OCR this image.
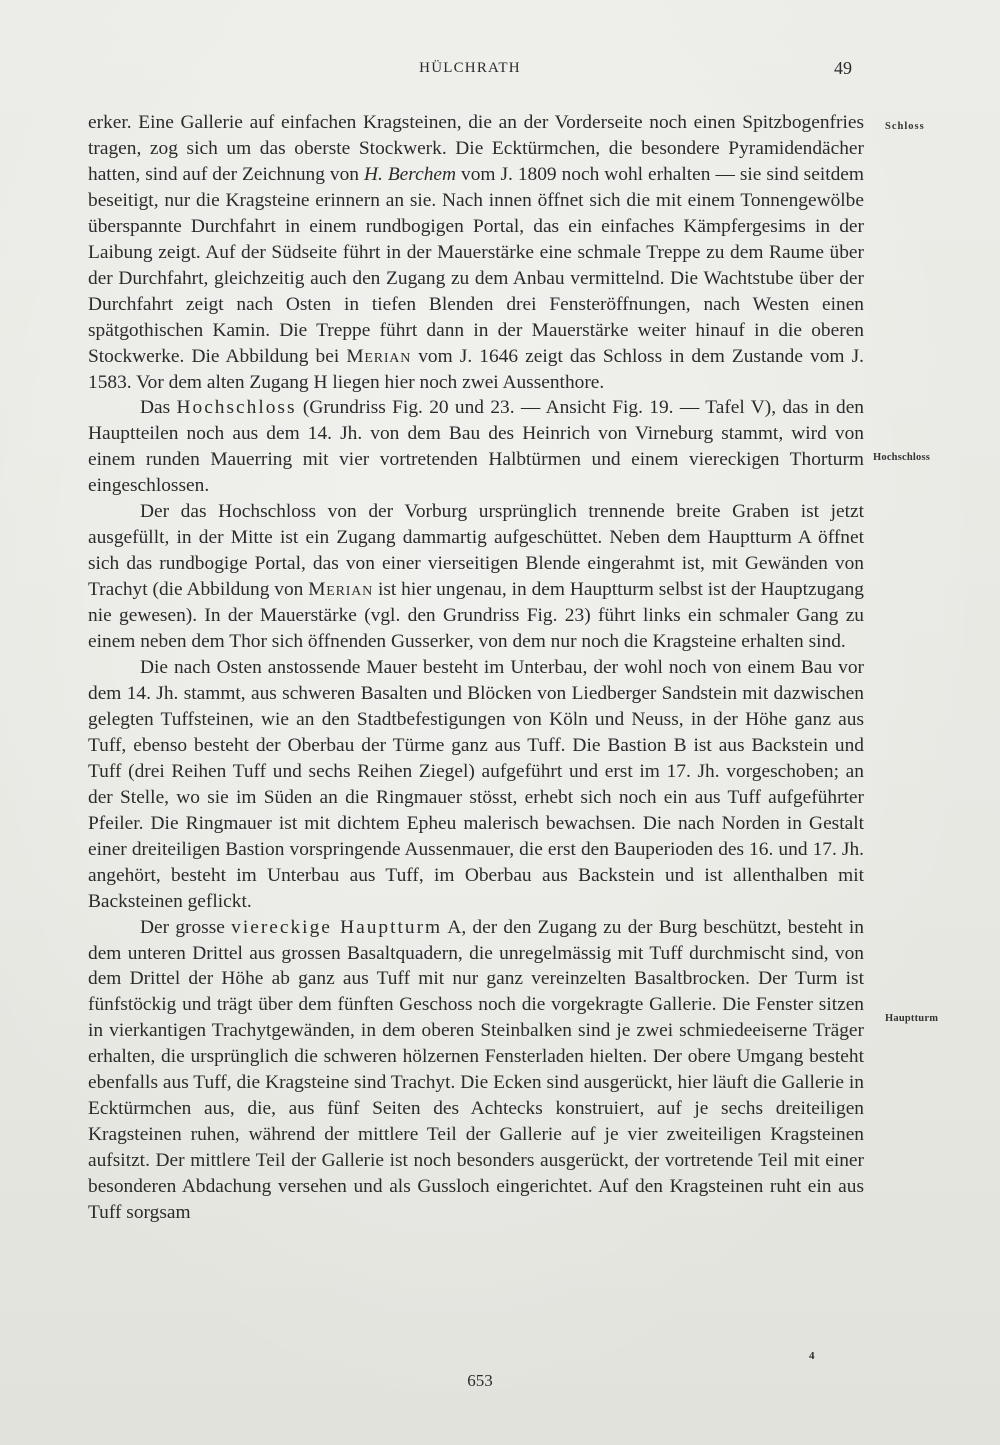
HÜLCHRATH	49
Schloss
Hochschloss
Hauptturm

erker. Eine Gallerie auf einfachen Kragsteinen, die an der Vorderseite noch einen Spitzbogenfries tragen, zog sich um das oberste Stockwerk. Die Ecktürmchen, die besondere Pyramidendächer hatten, sind auf der Zeichnung von H. Berchem vom J. 1809 noch wohl erhalten — sie sind seitdem beseitigt, nur die Kragsteine erinnern an sie. Nach innen öffnet sich die mit einem Tonnengewölbe überspannte Durchfahrt in einem rundbogigen Portal, das ein einfaches Kämpfergesims in der Laibung zeigt. Auf der Südseite führt in der Mauerstärke eine schmale Treppe zu dem Raume über der Durchfahrt, gleichzeitig auch den Zugang zu dem Anbau vermittelnd. Die Wachtstube über der Durchfahrt zeigt nach Osten in tiefen Blenden drei Fensteröffnungen, nach Westen einen spätgothischen Kamin. Die Treppe führt dann in der Mauerstärke weiter hinauf in die oberen Stockwerke. Die Abbildung bei Merian vom J. 1646 zeigt das Schloss in dem Zustande vom J. 1583. Vor dem alten Zugang H liegen hier noch zwei Aussenthore.

Das Hochschloss (Grundriss Fig. 20 und 23. — Ansicht Fig. 19. — Tafel V), das in den Hauptteilen noch aus dem 14. Jh. von dem Bau des Heinrich von Virneburg stammt, wird von einem runden Mauerring mit vier vortretenden Halbtürmen und einem viereckigen Thorturm eingeschlossen.

Der das Hochschloss von der Vorburg ursprünglich trennende breite Graben ist jetzt ausgefüllt, in der Mitte ist ein Zugang dammartig aufgeschüttet. Neben dem Hauptturm A öffnet sich das rundbogige Portal, das von einer vierseitigen Blende eingerahmt ist, mit Gewänden von Trachyt (die Abbildung von Merian ist hier ungenau, in dem Hauptturm selbst ist der Hauptzugang nie gewesen). In der Mauerstärke (vgl. den Grundriss Fig. 23) führt links ein schmaler Gang zu einem neben dem Thor sich öffnenden Gusserker, von dem nur noch die Kragsteine erhalten sind.

Die nach Osten anstossende Mauer besteht im Unterbau, der wohl noch von einem Bau vor dem 14. Jh. stammt, aus schweren Basalten und Blöcken von Liedberger Sandstein mit dazwischen gelegten Tuffsteinen, wie an den Stadtbefestigungen von Köln und Neuss, in der Höhe ganz aus Tuff, ebenso besteht der Oberbau der Türme ganz aus Tuff. Die Bastion B ist aus Backstein und Tuff (drei Reihen Tuff und sechs Reihen Ziegel) aufgeführt und erst im 17. Jh. vorgeschoben; an der Stelle, wo sie im Süden an die Ringmauer stösst, erhebt sich noch ein aus Tuff aufgeführter Pfeiler. Die Ringmauer ist mit dichtem Epheu malerisch bewachsen. Die nach Norden in Gestalt einer dreiteiligen Bastion vorspringende Aussenmauer, die erst den Bauperioden des 16. und 17. Jh. angehört, besteht im Unterbau aus Tuff, im Oberbau aus Backstein und ist allenthalben mit Backsteinen geflickt.

Der grosse viereckige Hauptturm A, der den Zugang zu der Burg beschützt, besteht in dem unteren Drittel aus grossen Basaltquadern, die unregelmässig mit Tuff durchmischt sind, von dem Drittel der Höhe ab ganz aus Tuff mit nur ganz vereinzelten Basaltbrocken. Der Turm ist fünfstöckig und trägt über dem fünften Geschoss noch die vorgekragte Gallerie. Die Fenster sitzen in vierkantigen Trachytgewänden, in dem oberen Steinbalken sind je zwei schmiedeeiserne Träger erhalten, die ursprünglich die schweren hölzernen Fensterladen hielten. Der obere Umgang besteht ebenfalls aus Tuff, die Kragsteine sind Trachyt. Die Ecken sind ausgerückt, hier läuft die Gallerie in Ecktürmchen aus, die, aus fünf Seiten des Achtecks konstruiert, auf je sechs dreiteiligen Kragsteinen ruhen, während der mittlere Teil der Gallerie auf je vier zweiteiligen Kragsteinen aufsitzt. Der mittlere Teil der Gallerie ist noch besonders ausgerückt, der vortretende Teil mit einer besonderen Abdachung versehen und als Gussloch eingerichtet. Auf den Kragsteinen ruht ein aus Tuff sorgsam

4
653
